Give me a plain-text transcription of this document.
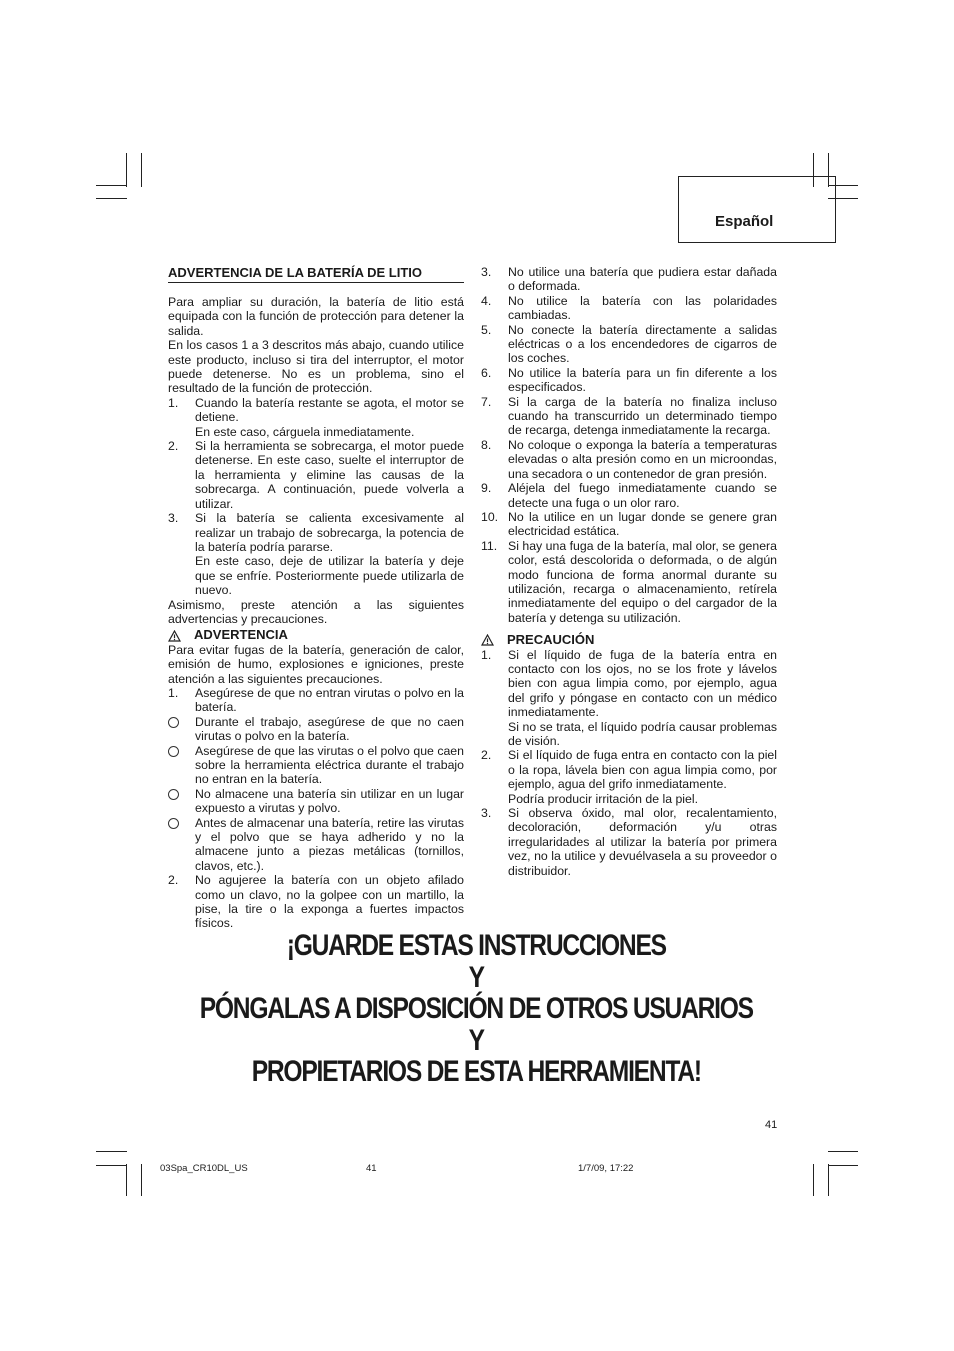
Español
ADVERTENCIA DE LA BATERÍA DE LITIO

Para ampliar su duración, la batería de litio está equipada con la función de protección para detener la salida.

En los casos 1 a 3 descritos más abajo, cuando utilice este producto, incluso si tira del interruptor, el motor puede detenerse. No es un problema, sino el resultado de la función de protección.

1.	Cuando la batería restante se agota, el motor se detiene.

En este caso, cárguela inmediatamente.

2.	Si la herramienta se sobrecarga, el motor puede detenerse. En este caso, suelte el interruptor de la herramienta y elimine las causas de la sobrecarga. A continuación, puede volverla a utilizar.

3.	Si la batería se calienta excesivamente al realizar un trabajo de sobrecarga, la potencia de la batería podría pararse.

En este caso, deje de utilizar la batería y deje que se enfríe. Posteriormente puede utilizarla de nuevo.

Asimismo, preste atención a las siguientes advertencias y precauciones.

ADVERTENCIA

Para evitar fugas de la batería, generación de calor, emisión de humo, explosiones e igniciones, preste atención a las siguientes precauciones.

1.	Asegúrese de que no entran virutas o polvo en la batería.

Durante el trabajo, asegúrese de que no caen virutas o polvo en la batería.

Asegúrese de que las virutas o el polvo que caen sobre la herramienta eléctrica durante el trabajo no entran en la batería.

No almacene una batería sin utilizar en un lugar expuesto a virutas y polvo.

Antes de almacenar una batería, retire las virutas y el polvo que se haya adherido y no la almacene junto a piezas metálicas (tornillos, clavos, etc.).

2.	No agujeree la batería con un objeto afilado como un clavo, no la golpee con un martillo, la pise, la tire o la exponga a fuertes impactos físicos.

3.	No utilice una batería que pudiera estar dañada o deformada.

4.	No utilice la batería con las polaridades cambiadas.

5.	No conecte la batería directamente a salidas eléctricas o a los encendedores de cigarros de los coches.

6.	No utilice la batería para un fin diferente a los especificados.

7.	Si la carga de la batería no finaliza incluso cuando ha transcurrido un determinado tiempo de recarga, detenga inmediatamente la recarga.

8.	No coloque o exponga la batería a temperaturas elevadas o alta presión como en un microondas, una secadora o un contenedor de gran presión.

9.	Aléjela del fuego inmediatamente cuando se detecte una fuga o un olor raro.

10. No la utilice en un lugar donde se genere gran electricidad estática.

11. Si hay una fuga de la batería, mal olor, se genera color, está descolorida o deformada, o de algún modo funciona de forma anormal durante su utilización, recarga o almacenamiento, retírela inmediatamente del equipo o del cargador de la batería y detenga su utilización.

PRECAUCIÓN
1.	Si el líquido de fuga de la batería entra en contacto con los ojos, no se los frote y lávelos bien con agua limpia como, por ejemplo, agua del grifo y póngase en contacto con un médico inmediatamente.

Si no se trata, el líquido podría causar problemas de visión.

2.	Si el líquido de fuga entra en contacto con la piel o la ropa, lávela bien con agua limpia como, por ejemplo, agua del grifo inmediatamente.

Podría producir irritación de la piel.

3.	Si observa óxido, mal olor, recalentamiento, decoloración, deformación y/u otras irregularidades al utilizar la batería por primera vez, no la utilice y devuélvasela a su proveedor o distribuidor.

¡GUARDE ESTAS INSTRUCCIONES
Y
PÓNGALAS A DISPOSICIÓN DE OTROS USUARIOS
Y
PROPIETARIOS DE ESTA HERRAMIENTA!
41
03Spa_CR10DL_US	41	1/7/09, 17:22
